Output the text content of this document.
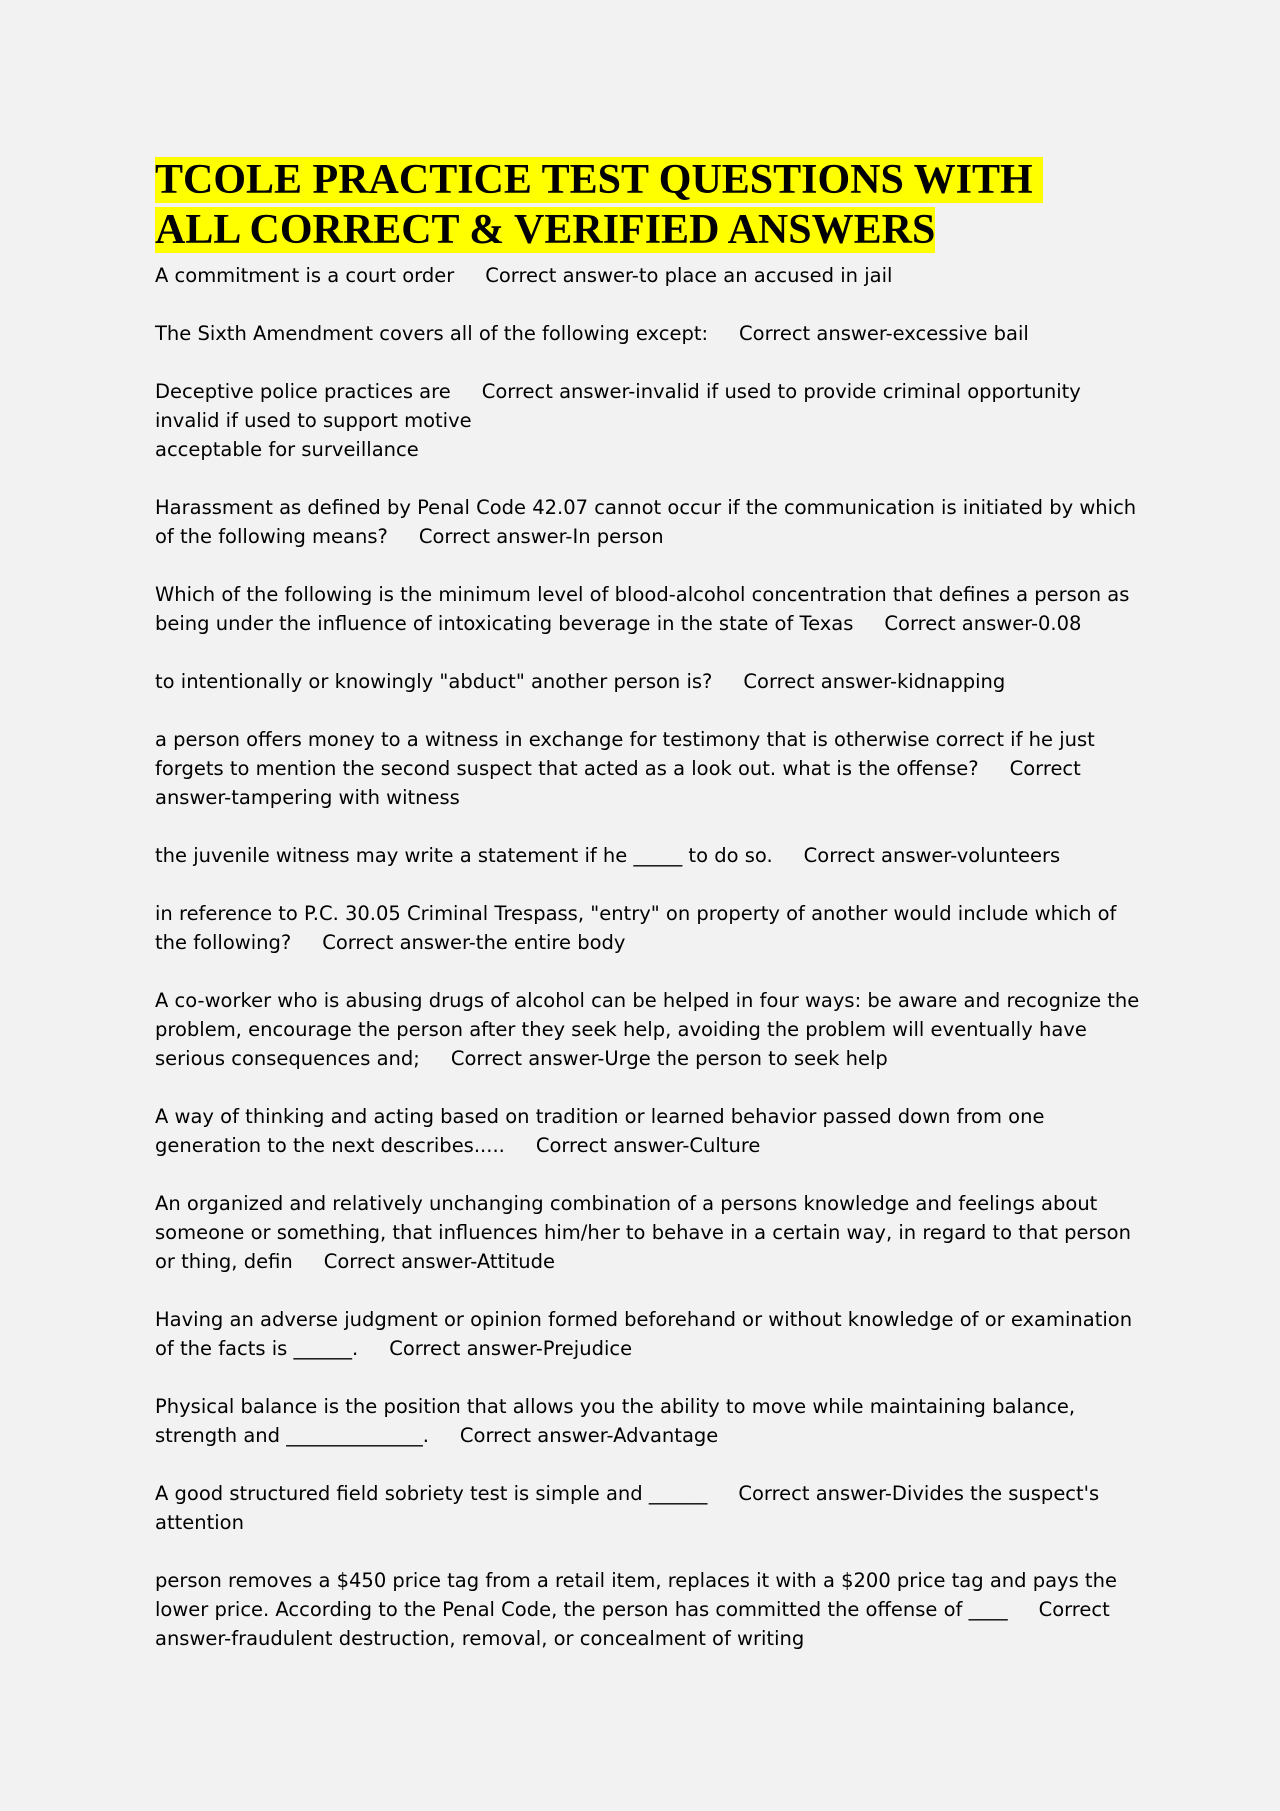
TCOLE PRACTICE TEST QUESTIONS WITH
ALL CORRECT & VERIFIED ANSWERS
A commitment is a court order     Correct answer-to place an accused in jail
The Sixth Amendment covers all of the following except:     Correct answer-excessive bail
Deceptive police practices are     Correct answer-invalid if used to provide criminal opportunity
invalid if used to support motive
acceptable for surveillance
Harassment as defined by Penal Code 42.07 cannot occur if the communication is initiated by which
of the following means?     Correct answer-In person
Which of the following is the minimum level of blood-alcohol concentration that defines a person as
being under the influence of intoxicating beverage in the state of Texas     Correct answer-0.08
to intentionally or knowingly "abduct" another person is?     Correct answer-kidnapping
a person offers money to a witness in exchange for testimony that is otherwise correct if he just
forgets to mention the second suspect that acted as a look out. what is the offense?     Correct
answer-tampering with witness
the juvenile witness may write a statement if he _____ to do so.     Correct answer-volunteers
in reference to P.C. 30.05 Criminal Trespass, "entry" on property of another would include which of
the following?     Correct answer-the entire body
A co-worker who is abusing drugs of alcohol can be helped in four ways: be aware and recognize the
problem, encourage the person after they seek help, avoiding the problem will eventually have
serious consequences and;     Correct answer-Urge the person to seek help
A way of thinking and acting based on tradition or learned behavior passed down from one
generation to the next describes.....     Correct answer-Culture
An organized and relatively unchanging combination of a persons knowledge and feelings about
someone or something, that influences him/her to behave in a certain way, in regard to that person
or thing, defin     Correct answer-Attitude
Having an adverse judgment or opinion formed beforehand or without knowledge of or examination
of the facts is ______.     Correct answer-Prejudice
Physical balance is the position that allows you the ability to move while maintaining balance,
strength and ______________.     Correct answer-Advantage
A good structured field sobriety test is simple and ______     Correct answer-Divides the suspect's
attention
person removes a $450 price tag from a retail item, replaces it with a $200 price tag and pays the
lower price. According to the Penal Code, the person has committed the offense of ____     Correct
answer-fraudulent destruction, removal, or concealment of writing
